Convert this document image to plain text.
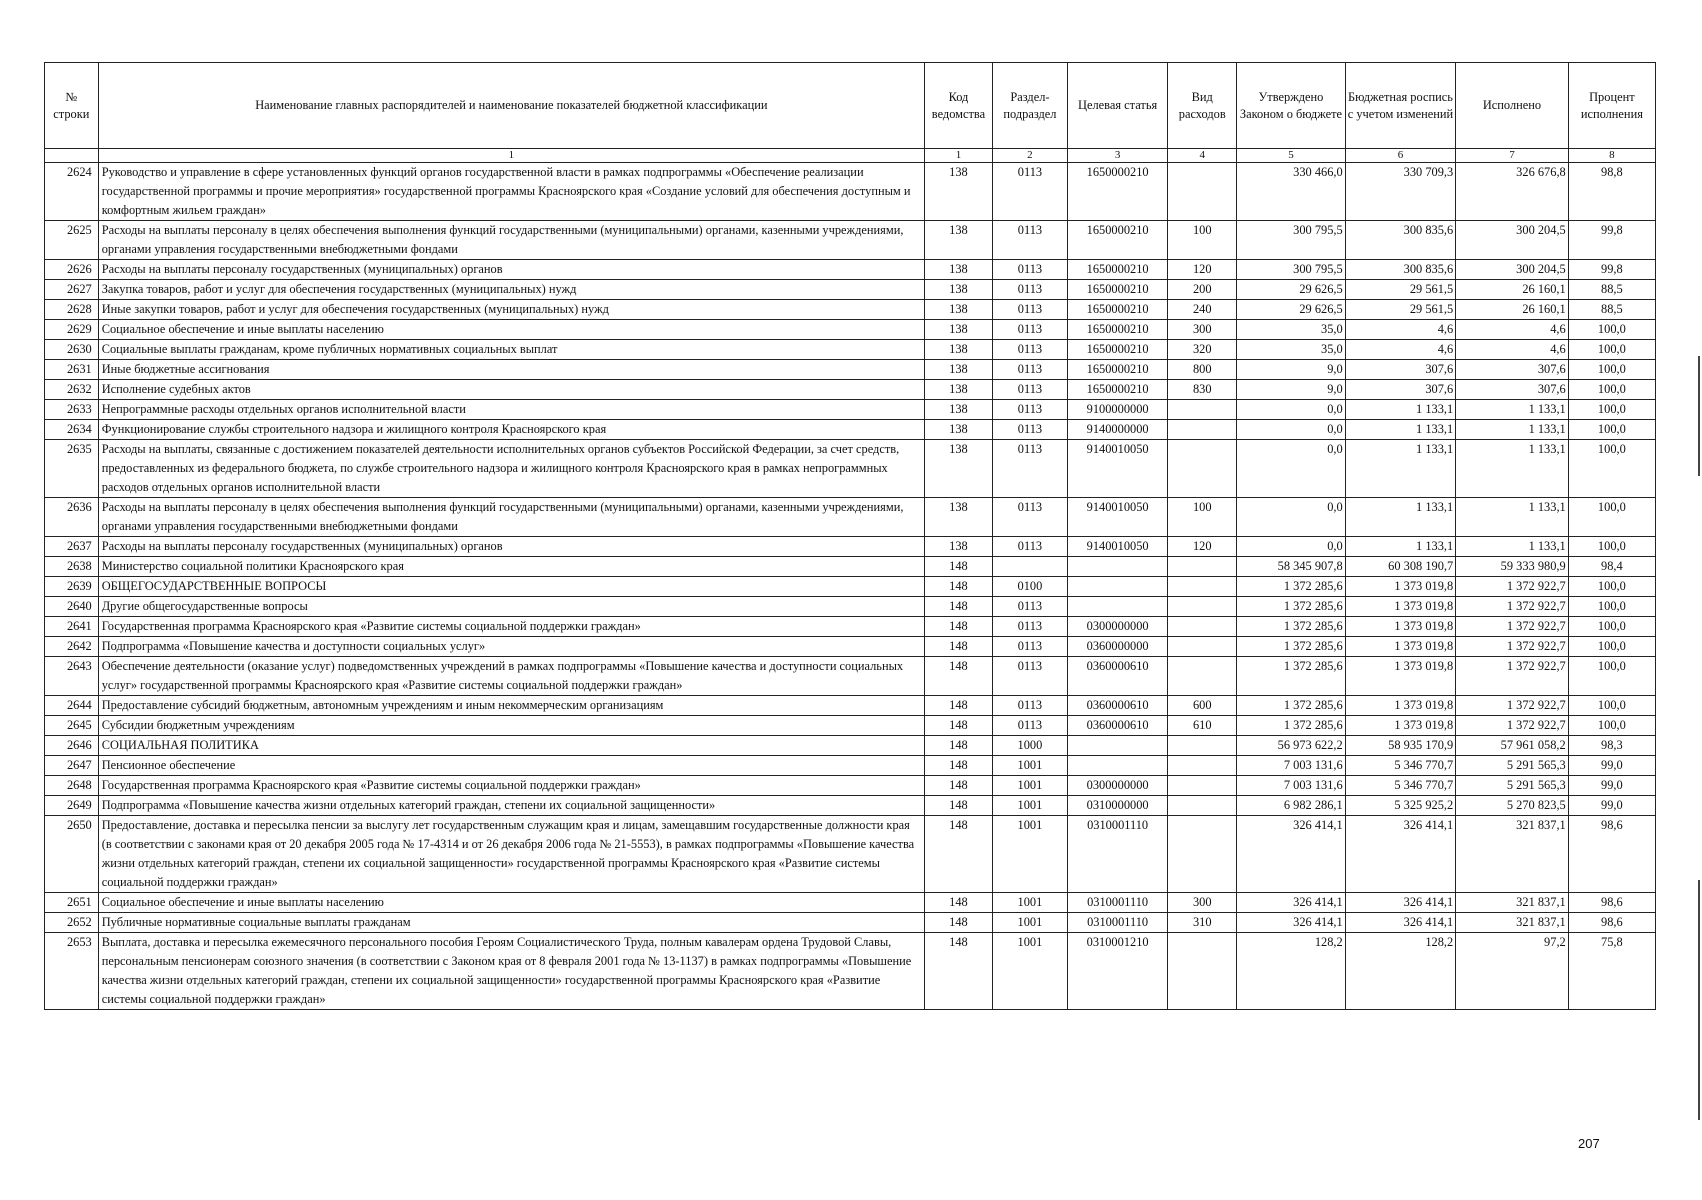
№ строки	Наименование главных распорядителей и наименование показателей бюджетной классификации	Код ведомства	Раздел-подраздел	Целевая статья	Вид расходов	Утверждено Законом о бюджете	Бюджетная роспись с учетом изменений	Исполнено	Процент исполнения
	1	1	2	3	4	5	6	7	8
2624	Руководство и управление в сфере установленных функций органов государственной власти в рамках подпрограммы «Обеспечение реализации государственной программы и прочие мероприятия» государственной программы Красноярского края «Создание условий для обеспечения доступным и комфортным жильем граждан»	138	0113	1650000210		330 466,0	330 709,3	326 676,8	98,8
2625	Расходы на выплаты персоналу в целях обеспечения выполнения функций государственными (муниципальными) органами, казенными учреждениями, органами управления государственными внебюджетными фондами	138	0113	1650000210	100	300 795,5	300 835,6	300 204,5	99,8
2626	Расходы на выплаты персоналу государственных (муниципальных) органов	138	0113	1650000210	120	300 795,5	300 835,6	300 204,5	99,8
2627	Закупка товаров, работ и услуг для обеспечения государственных (муниципальных) нужд	138	0113	1650000210	200	29 626,5	29 561,5	26 160,1	88,5
2628	Иные закупки товаров, работ и услуг для обеспечения государственных (муниципальных) нужд	138	0113	1650000210	240	29 626,5	29 561,5	26 160,1	88,5
2629	Социальное обеспечение и иные выплаты населению	138	0113	1650000210	300	35,0	4,6	4,6	100,0
2630	Социальные выплаты гражданам, кроме публичных нормативных социальных выплат	138	0113	1650000210	320	35,0	4,6	4,6	100,0
2631	Иные бюджетные ассигнования	138	0113	1650000210	800	9,0	307,6	307,6	100,0
2632	Исполнение судебных актов	138	0113	1650000210	830	9,0	307,6	307,6	100,0
2633	Непрограммные расходы отдельных органов исполнительной власти	138	0113	9100000000		0,0	1 133,1	1 133,1	100,0
2634	Функционирование службы строительного надзора и жилищного контроля Красноярского края	138	0113	9140000000		0,0	1 133,1	1 133,1	100,0
2635	Расходы на выплаты, связанные с достижением показателей деятельности исполнительных органов субъектов Российской Федерации, за счет средств, предоставленных из федерального бюджета, по службе строительного надзора и жилищного контроля Красноярского края в рамках непрограммных расходов отдельных органов исполнительной власти	138	0113	9140010050		0,0	1 133,1	1 133,1	100,0
2636	Расходы на выплаты персоналу в целях обеспечения выполнения функций государственными (муниципальными) органами, казенными учреждениями, органами управления государственными внебюджетными фондами	138	0113	9140010050	100	0,0	1 133,1	1 133,1	100,0
2637	Расходы на выплаты персоналу государственных (муниципальных) органов	138	0113	9140010050	120	0,0	1 133,1	1 133,1	100,0
2638	Министерство социальной политики Красноярского края	148				58 345 907,8	60 308 190,7	59 333 980,9	98,4
2639	ОБЩЕГОСУДАРСТВЕННЫЕ ВОПРОСЫ	148	0100			1 372 285,6	1 373 019,8	1 372 922,7	100,0
2640	Другие общегосударственные вопросы	148	0113			1 372 285,6	1 373 019,8	1 372 922,7	100,0
2641	Государственная программа Красноярского края «Развитие системы социальной поддержки граждан»	148	0113	0300000000		1 372 285,6	1 373 019,8	1 372 922,7	100,0
2642	Подпрограмма «Повышение качества и доступности социальных услуг»	148	0113	0360000000		1 372 285,6	1 373 019,8	1 372 922,7	100,0
2643	Обеспечение деятельности (оказание услуг) подведомственных учреждений в рамках подпрограммы «Повышение качества и доступности социальных услуг» государственной программы Красноярского края «Развитие системы социальной поддержки граждан»	148	0113	0360000610		1 372 285,6	1 373 019,8	1 372 922,7	100,0
2644	Предоставление субсидий бюджетным, автономным учреждениям и иным некоммерческим организациям	148	0113	0360000610	600	1 372 285,6	1 373 019,8	1 372 922,7	100,0
2645	Субсидии бюджетным учреждениям	148	0113	0360000610	610	1 372 285,6	1 373 019,8	1 372 922,7	100,0
2646	СОЦИАЛЬНАЯ ПОЛИТИКА	148	1000			56 973 622,2	58 935 170,9	57 961 058,2	98,3
2647	Пенсионное обеспечение	148	1001			7 003 131,6	5 346 770,7	5 291 565,3	99,0
2648	Государственная программа Красноярского края «Развитие системы социальной поддержки граждан»	148	1001	0300000000		7 003 131,6	5 346 770,7	5 291 565,3	99,0
2649	Подпрограмма «Повышение качества жизни отдельных категорий граждан, степени их социальной защищенности»	148	1001	0310000000		6 982 286,1	5 325 925,2	5 270 823,5	99,0
2650	Предоставление, доставка и пересылка пенсии за выслугу лет государственным служащим края и лицам, замещавшим государственные должности края (в соответствии с законами края от 20 декабря 2005 года № 17-4314 и от 26 декабря 2006 года № 21-5553), в рамках подпрограммы «Повышение качества жизни отдельных категорий граждан, степени их социальной защищенности» государственной программы Красноярского края «Развитие системы социальной поддержки граждан»	148	1001	0310001110		326 414,1	326 414,1	321 837,1	98,6
2651	Социальное обеспечение и иные выплаты населению	148	1001	0310001110	300	326 414,1	326 414,1	321 837,1	98,6
2652	Публичные нормативные социальные выплаты гражданам	148	1001	0310001110	310	326 414,1	326 414,1	321 837,1	98,6
2653	Выплата, доставка и пересылка ежемесячного персонального пособия Героям Социалистического Труда, полным кавалерам ордена Трудовой Славы, персональным пенсионерам союзного значения (в соответствии с Законом края от 8 февраля 2001 года № 13-1137) в рамках подпрограммы «Повышение качества жизни отдельных категорий граждан, степени их социальной защищенности» государственной программы Красноярского края «Развитие системы социальной поддержки граждан»	148	1001	0310001210		128,2	128,2	97,2	75,8
207
